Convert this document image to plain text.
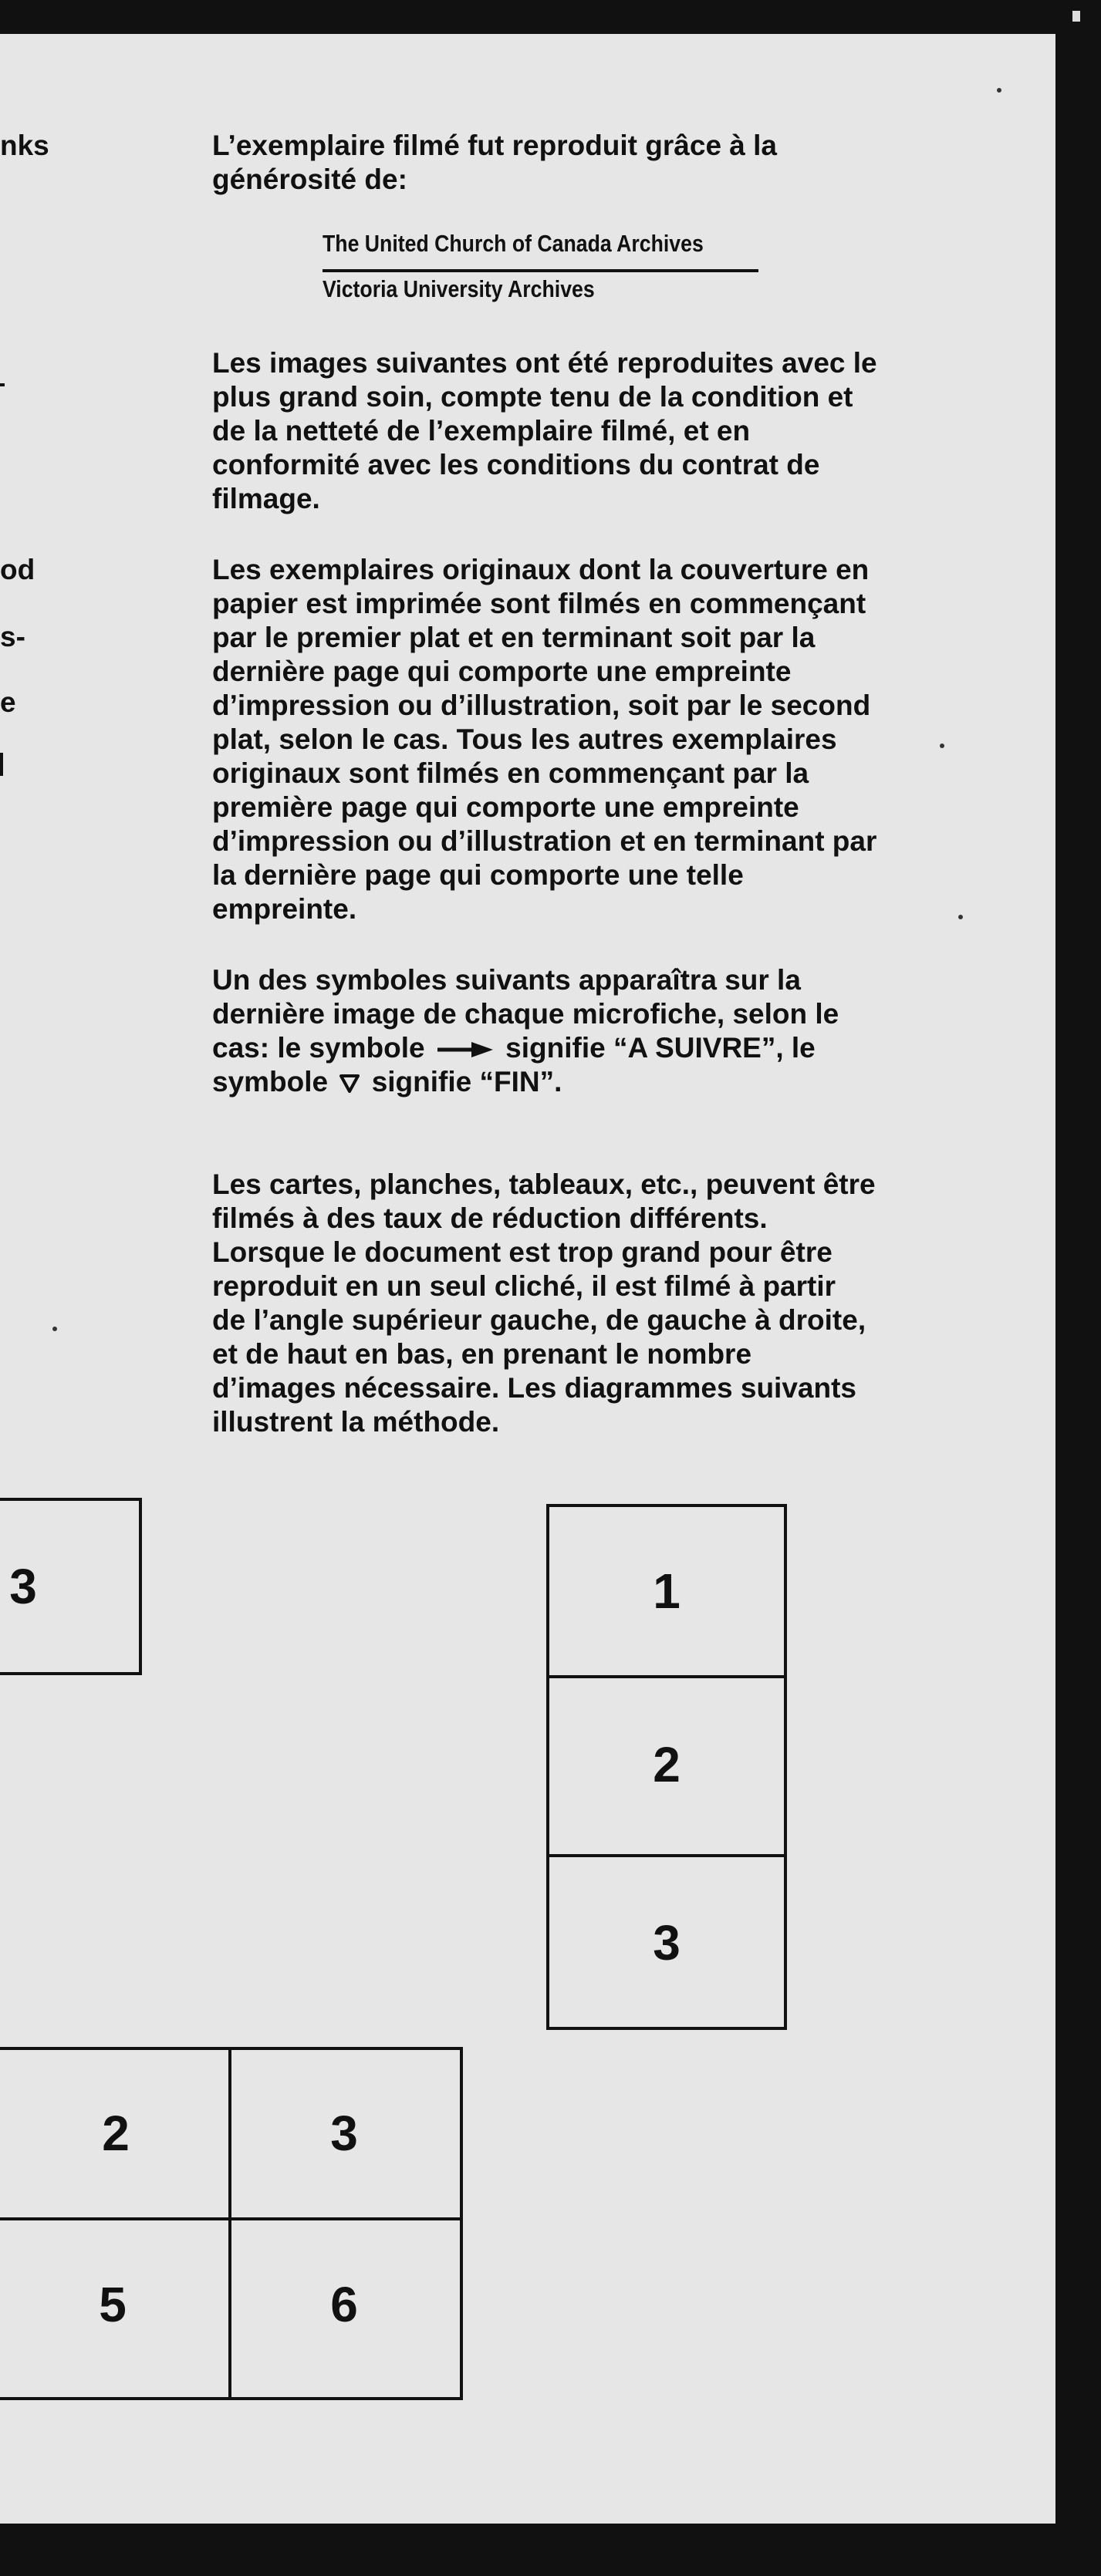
nks
od
s-
e
L’exemplaire filmé fut reproduit grâce à la
générosité de:
The United Church of Canada Archives
Victoria University Archives
Les images suivantes ont été reproduites avec le
plus grand soin, compte tenu de la condition et
de la netteté de l’exemplaire filmé, et en
conformité avec les conditions du contrat de
filmage.
Les exemplaires originaux dont la couverture en
papier est imprimée sont filmés en commençant
par le premier plat et en terminant soit par la
dernière page qui comporte une empreinte
d’impression ou d’illustration, soit par le second
plat, selon le cas. Tous les autres exemplaires
originaux sont filmés en commençant par la
première page qui comporte une empreinte
d’impression ou d’illustration et en terminant par
la dernière page qui comporte une telle
empreinte.
Un des symboles suivants apparaîtra sur la
dernière image de chaque microfiche, selon le
cas: le symbole	signifie “A SUIVRE”, le
symbole signifie “FIN”.
Les cartes, planches, tableaux, etc., peuvent être
filmés à des taux de réduction différents.
Lorsque le document est trop grand pour être
reproduit en un seul cliché, il est filmé à partir
de l’angle supérieur gauche, de gauche à droite,
et de haut en bas, en prenant le nombre
d’images nécessaire. Les diagrammes suivants
illustrent la méthode.
3	1
2
3
2	3
5	6
